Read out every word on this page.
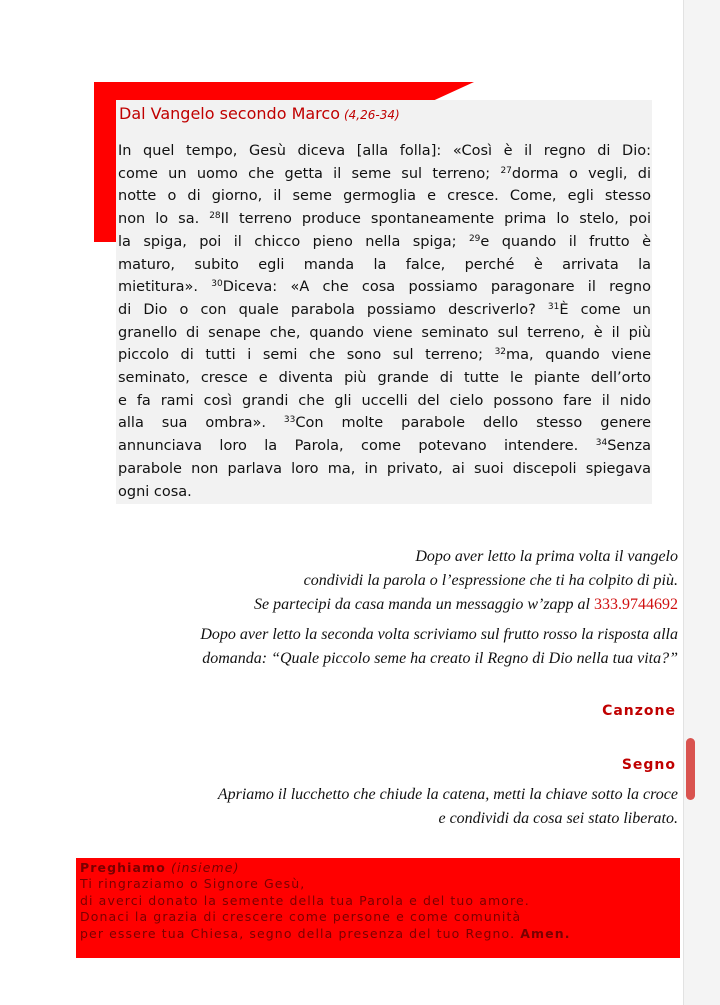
Dal Vangelo secondo Marco (4,26-34)
In quel tempo, Gesù diceva [alla folla]: «Così è il regno di Dio:
come un uomo che getta il seme sul terreno; $^{27}$dorma o vegli, di
notte o di giorno, il seme germoglia e cresce. Come, egli stesso
non lo sa. $^{28}$Il terreno produce spontaneamente prima lo stelo, poi
la spiga, poi il chicco pieno nella spiga; $^{29}$e quando il frutto è
maturo, subito egli manda la falce, perché è arrivata la
mietitura». $^{30}$Diceva: «A che cosa possiamo paragonare il regno
di Dio o con quale parabola possiamo descriverlo? $^{31}$È come un
granello di senape che, quando viene seminato sul terreno, è il più
piccolo di tutti i semi che sono sul terreno; $^{32}$ma, quando viene
seminato, cresce e diventa più grande di tutte le piante dell’orto
e fa rami così grandi che gli uccelli del cielo possono fare il nido
alla sua ombra». $^{33}$Con molte parabole dello stesso genere
annunciava loro la Parola, come potevano intendere. $^{34}$Senza
parabole non parlava loro ma, in privato, ai suoi discepoli spiegava
ogni cosa.
Dopo aver letto la prima volta il vangelo
condividi la parola o l’espressione che ti ha colpito di più.
Se partecipi da casa manda un messaggio w’zapp al 333.9744692
Dopo aver letto la seconda volta scriviamo sul frutto rosso la risposta alla
domanda: “Quale piccolo seme ha creato il Regno di Dio nella tua vita?”
Canzone
Segno
Apriamo il lucchetto che chiude la catena, metti la chiave sotto la croce
e condividi da cosa sei stato liberato.
Preghiamo (insieme)
Ti ringraziamo o Signore Gesù,
di averci donato la semente della tua Parola e del tuo amore.
Donaci la grazia di crescere come persone e come comunità
per essere tua Chiesa, segno della presenza del tuo Regno. Amen.
